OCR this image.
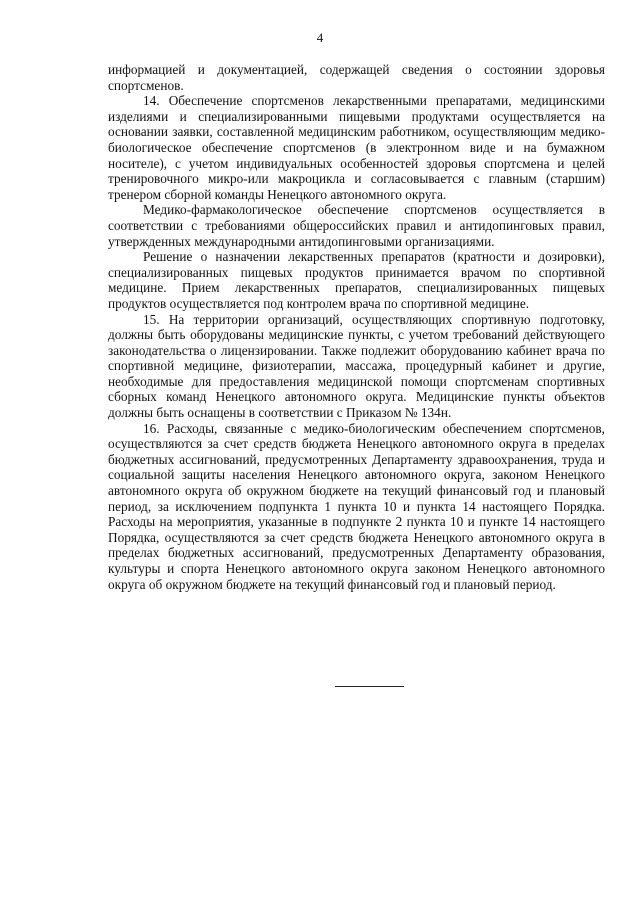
4

информацией и документацией, содержащей сведения о состоянии здоровья спортсменов.

14. Обеспечение спортсменов лекарственными препаратами, медицинскими изделиями и специализированными пищевыми продуктами осуществляется на основании заявки, составленной медицинским работником, осуществляющим медико-биологическое обеспечение спортсменов (в электронном виде и на бумажном носителе), с учетом индивидуальных особенностей здоровья спортсмена и целей тренировочного микро-или макроцикла и согласовывается с главным (старшим) тренером сборной команды Ненецкого автономного округа.

Медико-фармакологическое обеспечение спортсменов осуществляется в соответствии с требованиями общероссийских правил и антидопинговых правил, утвержденных международными антидопинговыми организациями.

Решение о назначении лекарственных препаратов (кратности и дозировки), специализированных пищевых продуктов принимается врачом по спортивной медицине. Прием лекарственных препаратов, специализированных пищевых продуктов осуществляется под контролем врача по спортивной медицине.

15. На территории организаций, осуществляющих спортивную подготовку, должны быть оборудованы медицинские пункты, с учетом требований действующего законодательства о лицензировании. Также подлежит оборудованию кабинет врача по спортивной медицине, физиотерапии, массажа, процедурный кабинет и другие, необходимые для предоставления медицинской помощи спортсменам спортивных сборных команд Ненецкого автономного округа. Медицинские пункты объектов должны быть оснащены в соответствии с Приказом № 134н.

16. Расходы, связанные с медико-биологическим обеспечением спортсменов, осуществляются за счет средств бюджета Ненецкого автономного округа в пределах бюджетных ассигнований, предусмотренных Департаменту здравоохранения, труда и социальной защиты населения Ненецкого автономного округа, законом Ненецкого автономного округа об окружном бюджете на текущий финансовый год и плановый период, за исключением подпункта 1 пункта 10 и пункта 14 настоящего Порядка. Расходы на мероприятия, указанные в подпункте 2 пункта 10 и пункте 14 настоящего Порядка, осуществляются за счет средств бюджета Ненецкого автономного округа в пределах бюджетных ассигнований, предусмотренных Департаменту образования, культуры и спорта Ненецкого автономного округа законом Ненецкого автономного округа об окружном бюджете на текущий финансовый год и плановый период.
